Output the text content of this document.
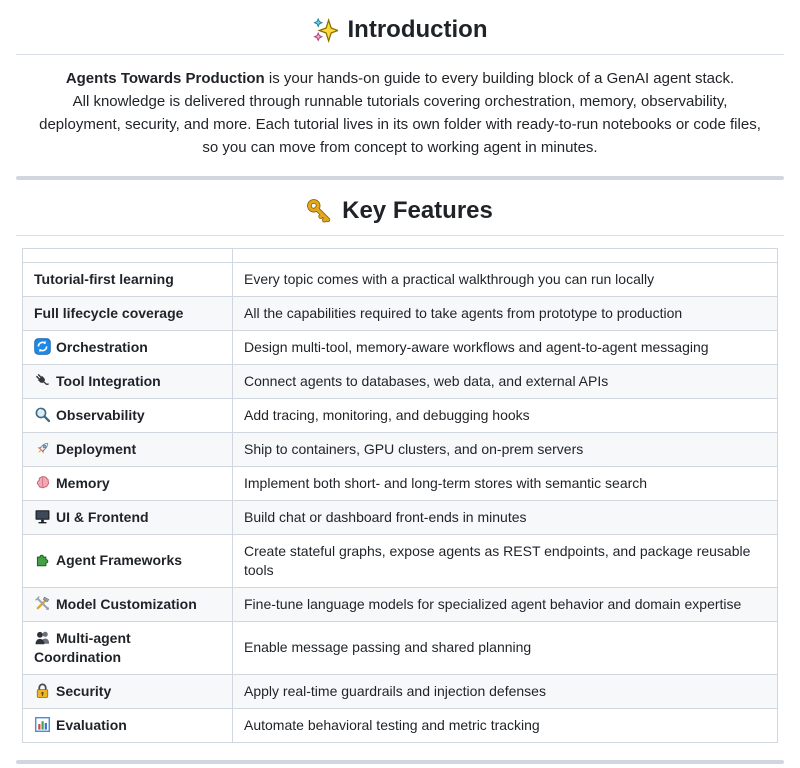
Introduction
Agents Towards Production is your hands-on guide to every building block of a GenAI agent stack.
All knowledge is delivered through runnable tutorials covering orchestration, memory, observability, deployment, security, and more. Each tutorial lives in its own folder with ready-to-run notebooks or code files, so you can move from concept to working agent in minutes.
Key Features

Tutorial-first learning	Every topic comes with a practical walkthrough you can run locally
Full lifecycle coverage	All the capabilities required to take agents from prototype to production
Orchestration	Design multi-tool, memory-aware workflows and agent-to-agent messaging
Tool Integration	Connect agents to databases, web data, and external APIs
Observability	Add tracing, monitoring, and debugging hooks
Deployment	Ship to containers, GPU clusters, and on-prem servers
Memory	Implement both short- and long-term stores with semantic search
UI & Frontend	Build chat or dashboard front-ends in minutes
Agent Frameworks	Create stateful graphs, expose agents as REST endpoints, and package reusable tools
Model Customization	Fine-tune language models for specialized agent behavior and domain expertise
Multi-agent Coordination	Enable message passing and shared planning
Security	Apply real-time guardrails and injection defenses
Evaluation	Automate behavioral testing and metric tracking
